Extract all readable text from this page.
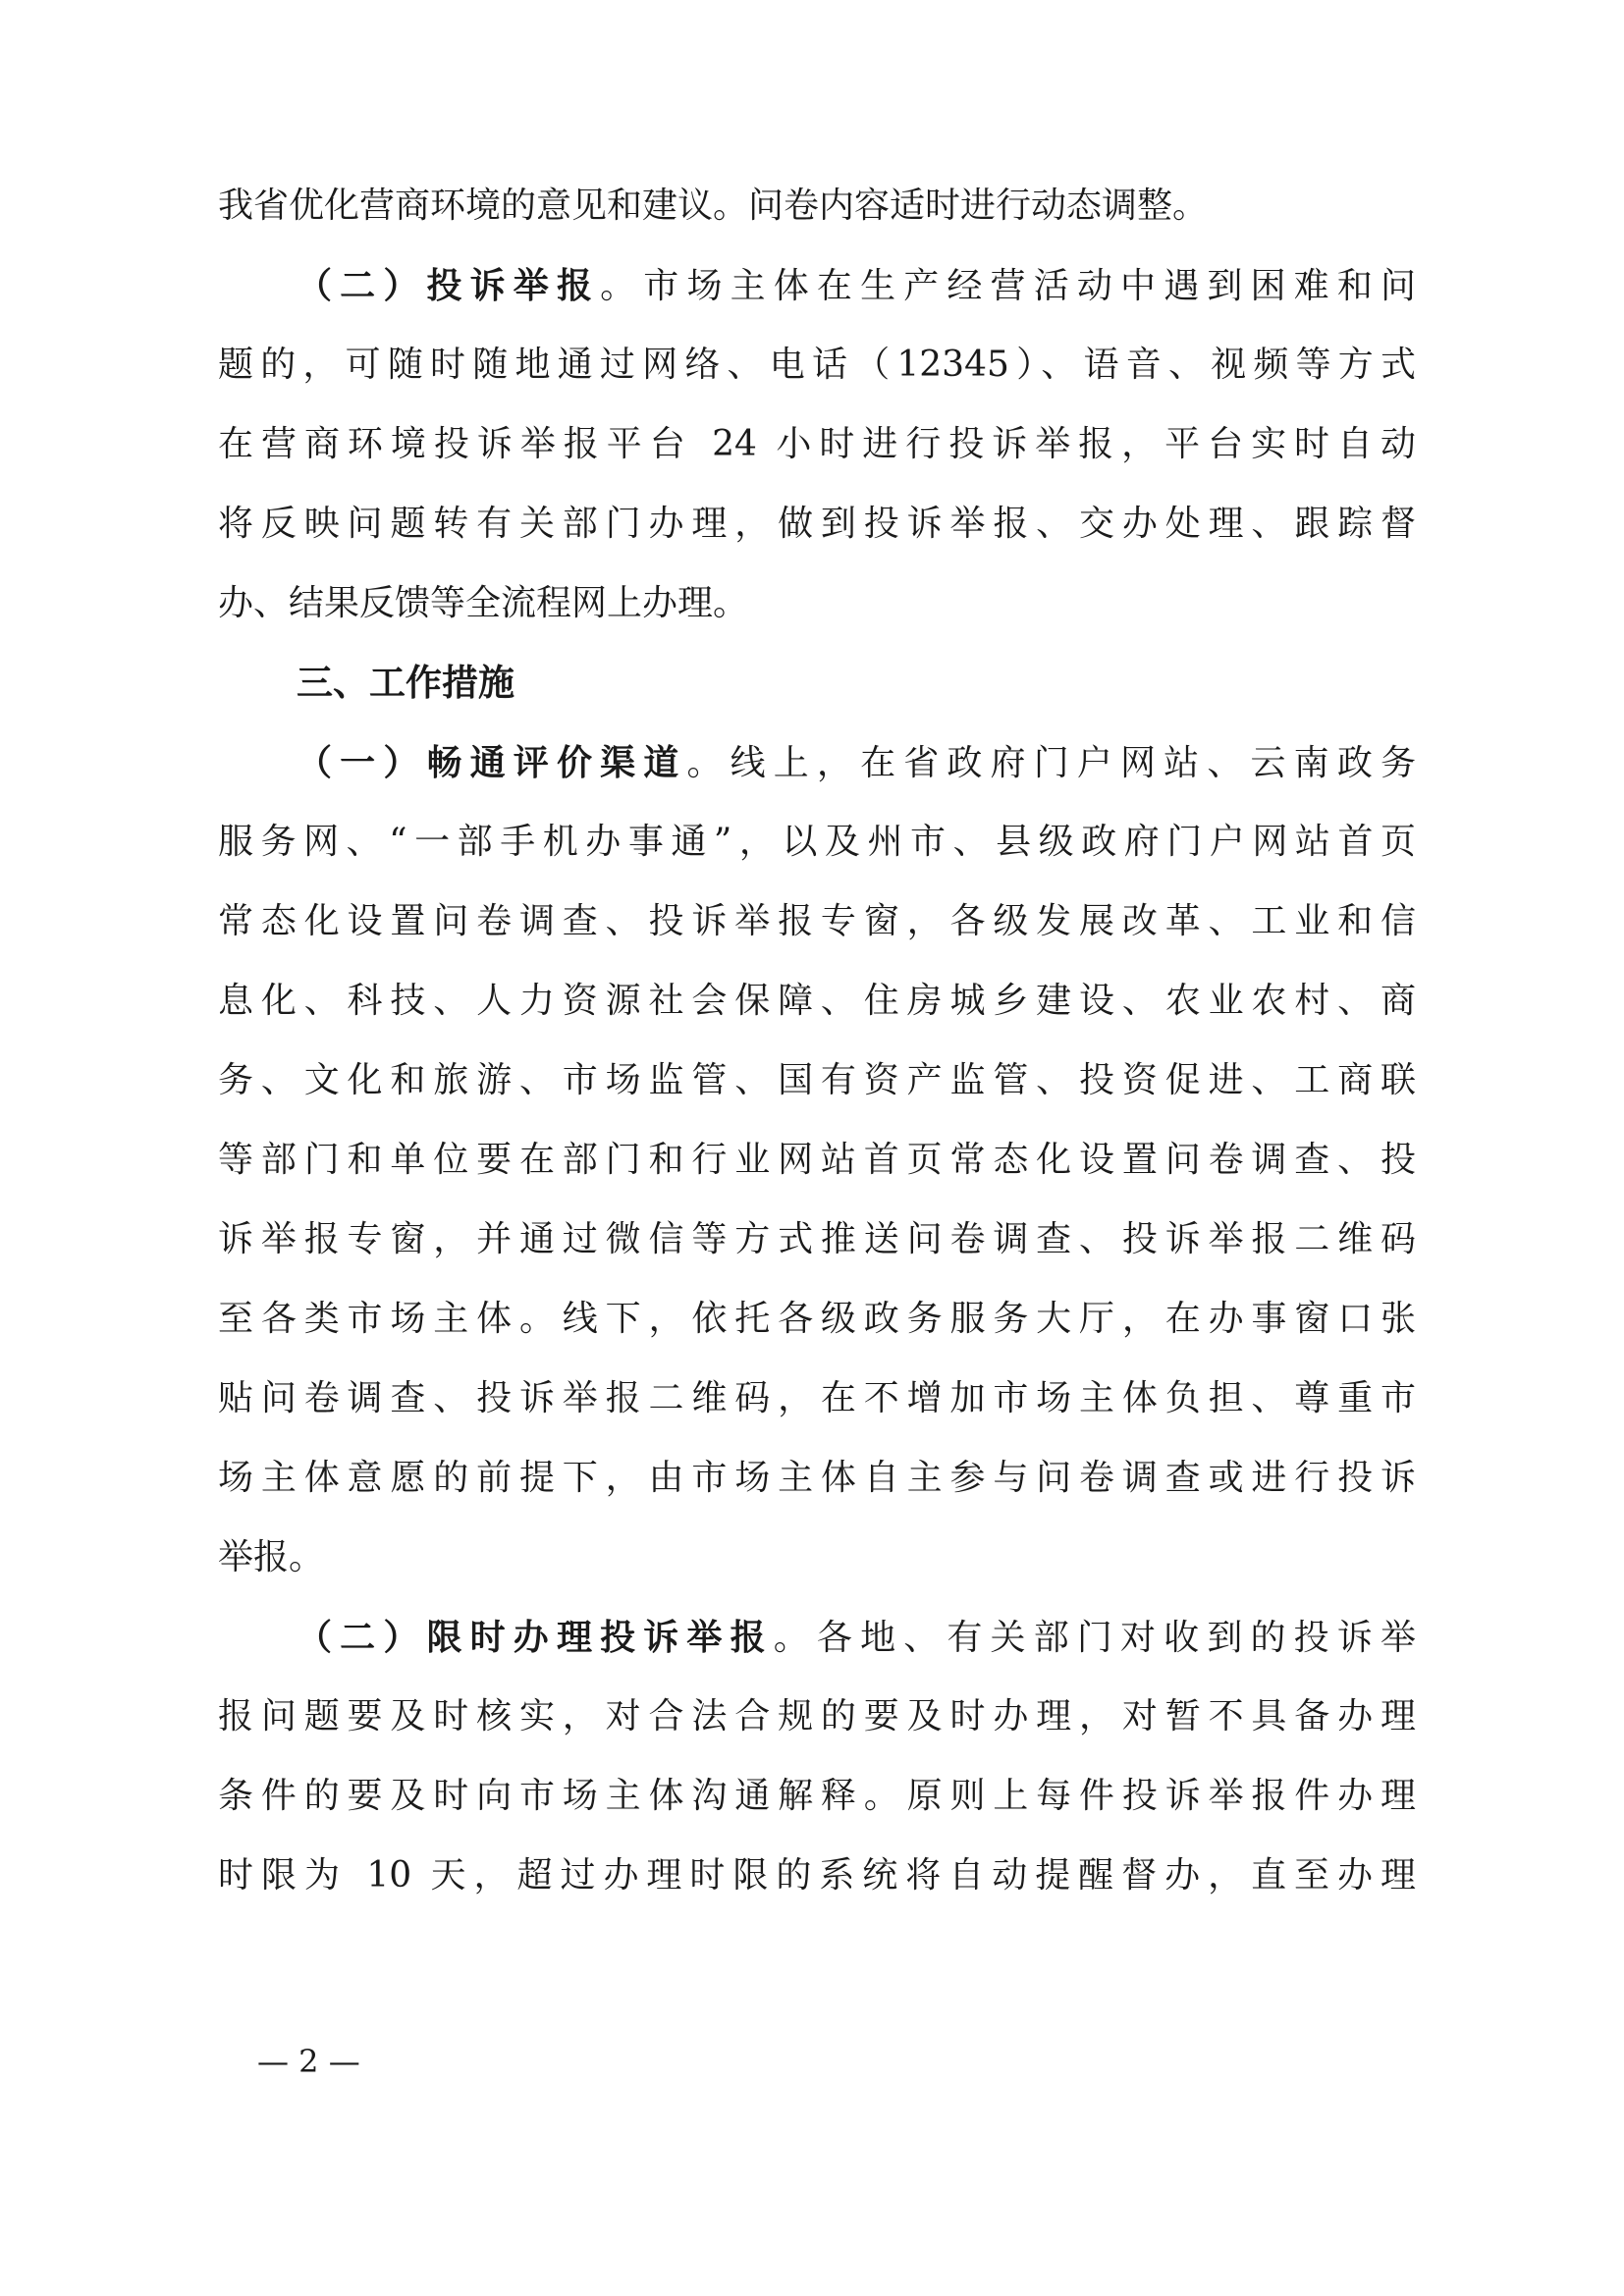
我省优化营商环境的意见和建议。问卷内容适时进行动态调整。
（二）投诉举报。市场主体在生产经营活动中遇到困难和问
题的，可随时随地通过网络、电话（12345）、语音、视频等方式
在营商环境投诉举报平台 24 小时进行投诉举报，平台实时自动
将反映问题转有关部门办理，做到投诉举报、交办处理、跟踪督
办、结果反馈等全流程网上办理。
三、工作措施
（一）畅通评价渠道。线上，在省政府门户网站、云南政务
服务网、“一部手机办事通”，以及州市、县级政府门户网站首页
常态化设置问卷调查、投诉举报专窗，各级发展改革、工业和信
息化、科技、人力资源社会保障、住房城乡建设、农业农村、商
务、文化和旅游、市场监管、国有资产监管、投资促进、工商联
等部门和单位要在部门和行业网站首页常态化设置问卷调查、投
诉举报专窗，并通过微信等方式推送问卷调查、投诉举报二维码
至各类市场主体。线下，依托各级政务服务大厅，在办事窗口张
贴问卷调查、投诉举报二维码，在不增加市场主体负担、尊重市
场主体意愿的前提下，由市场主体自主参与问卷调查或进行投诉
举报。
（二）限时办理投诉举报。各地、有关部门对收到的投诉举
报问题要及时核实，对合法合规的要及时办理，对暂不具备办理
条件的要及时向市场主体沟通解释。原则上每件投诉举报件办理
时限为 10 天，超过办理时限的系统将自动提醒督办，直至办理
— 2 —
